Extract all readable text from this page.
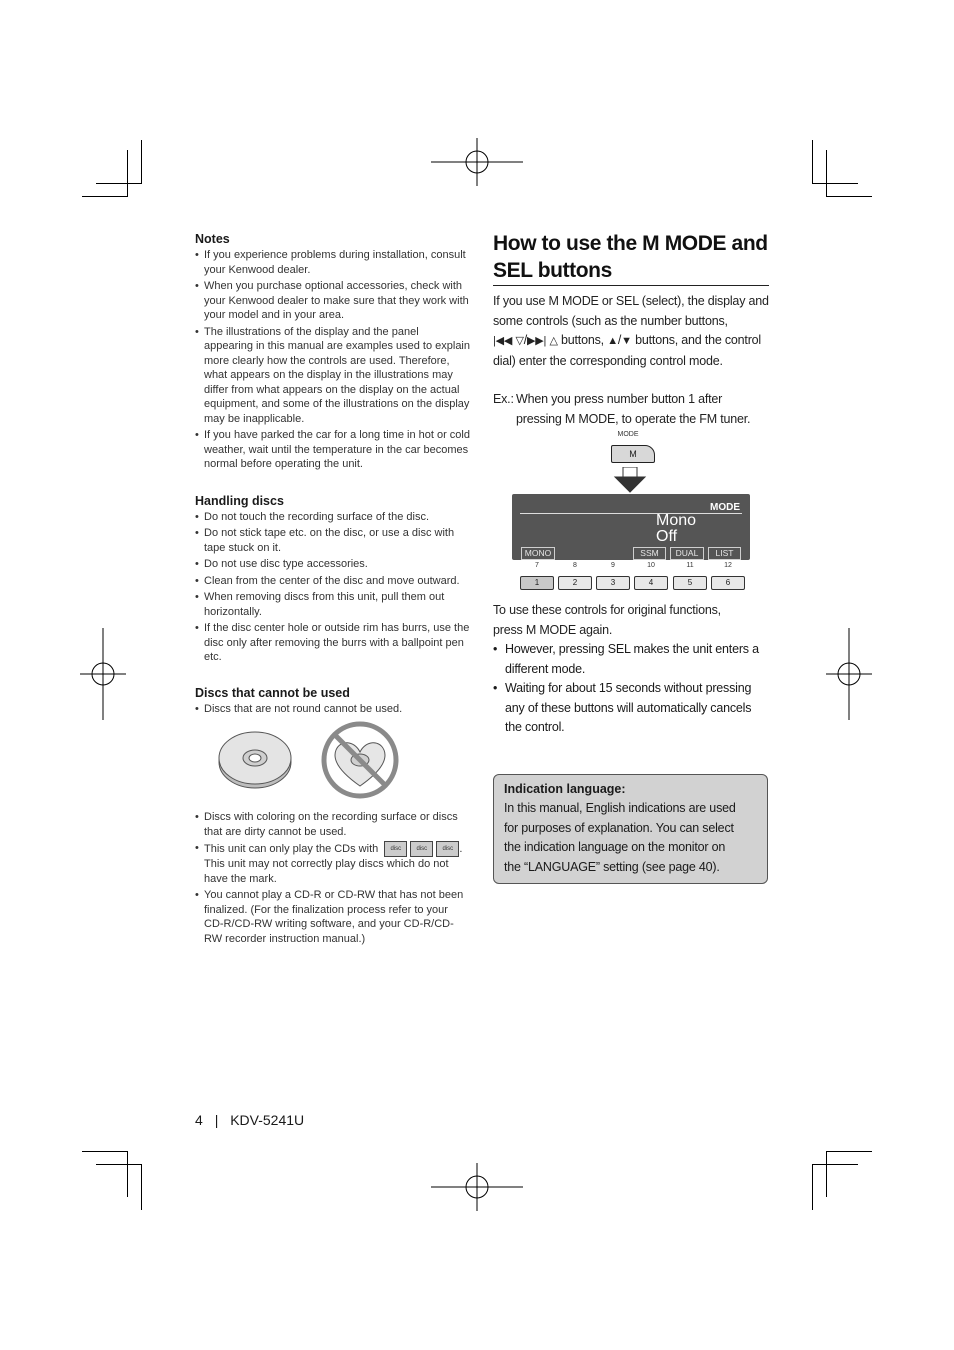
Notes
• If you experience problems during installation, consult your Kenwood dealer.
• When you purchase optional accessories, check with your Kenwood dealer to make sure that they work with your model and in your area.
• The illustrations of the display and the panel appearing in this manual are examples used to explain more clearly how the controls are used. Therefore, what appears on the display in the illustrations may differ from what appears on the display on the actual equipment, and some of the illustrations on the display may be inapplicable.
• If you have parked the car for a long time in hot or cold weather, wait until the temperature in the car becomes normal before operating the unit.
Handling discs
• Do not touch the recording surface of the disc.
• Do not stick tape etc. on the disc, or use a disc with tape stuck on it.
• Do not use disc type accessories.
• Clean from the center of the disc and move outward.
• When removing discs from this unit, pull them out horizontally.
• If the disc center hole or outside rim has burrs, use the disc only after removing the burrs with a ballpoint pen etc.
Discs that cannot be used
• Discs that are not round cannot be used.
• Discs with coloring on the recording surface or discs that are dirty cannot be used.
• This unit can only play the CDs with disc	disc	disc . This unit may not correctly play discs which do not have the mark.
• You cannot play a CD-R or CD-RW that has not been finalized. (For the finalization process refer to your CD-R/CD-RW writing software, and your CD-R/CD-RW recorder instruction manual.)
How to use the M MODE and SEL buttons
If you use M MODE or SEL (select), the display and some controls (such as the number buttons,
|◀◀ ▽/▶▶| △ buttons, ▲/▼ buttons, and the control dial) enter the corresponding control mode.
Ex.: When you press number button 1 after pressing M MODE, to operate the FM tuner.
MODE
M
MODE
Mono
Off
MONO	SSM	DUAL	LIST
7	8	9	10	11	12
1	2	3	4	5	6
To use these controls for original functions, press M MODE again.
• However, pressing SEL makes the unit enters a different mode.
• Waiting for about 15 seconds without pressing any of these buttons will automatically cancels the control.
Indication language:
In this manual, English indications are used for purposes of explanation. You can select the indication language on the monitor on the “LANGUAGE” setting (see page 40).
4 | KDV-5241U
